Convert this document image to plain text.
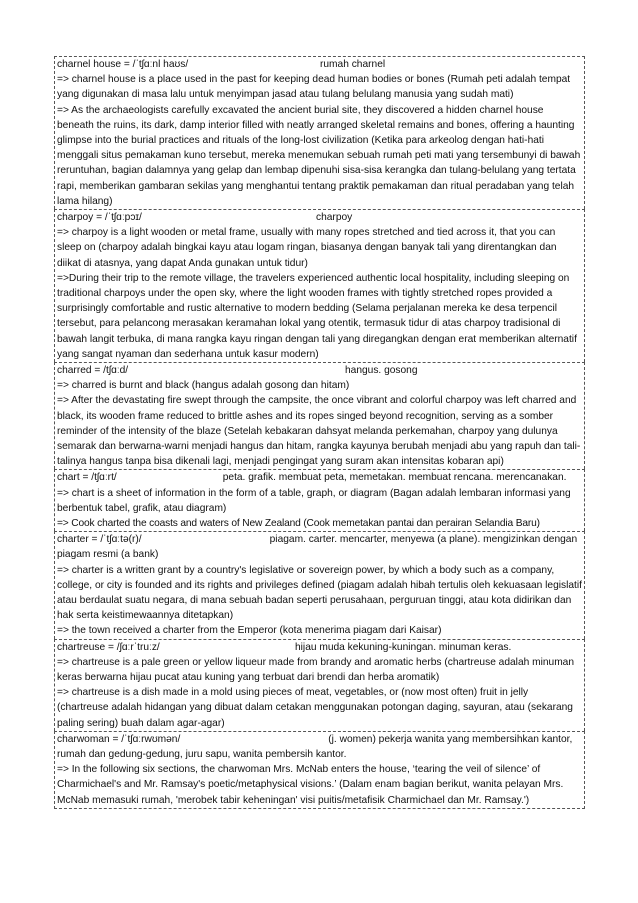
charnel house = /ˈtʃɑːnl haʊs/	rumah charnel

=> charnel house is a place used in the past for keeping dead human bodies or bones (Rumah peti adalah tempat yang digunakan di masa lalu untuk menyimpan jasad atau tulang belulang manusia yang sudah mati)

=> As the archaeologists carefully excavated the ancient burial site, they discovered a hidden charnel house beneath the ruins, its dark, damp interior filled with neatly arranged skeletal remains and bones, offering a haunting glimpse into the burial practices and rituals of the long-lost civilization (Ketika para arkeolog dengan hati-hati menggali situs pemakaman kuno tersebut, mereka menemukan sebuah rumah peti mati yang tersembunyi di bawah reruntuhan, bagian dalamnya yang gelap dan lembap dipenuhi sisa-sisa kerangka dan tulang-belulang yang tertata rapi, memberikan gambaran sekilas yang menghantui tentang praktik pemakaman dan ritual peradaban yang telah lama hilang)

charpoy = /ˈtʃɑːpɔɪ/	charpoy

=> charpoy is a light wooden or metal frame, usually with many ropes stretched and tied across it, that you can sleep on (charpoy adalah bingkai kayu atau logam ringan, biasanya dengan banyak tali yang direntangkan dan diikat di atasnya, yang dapat Anda gunakan untuk tidur)

=>During their trip to the remote village, the travelers experienced authentic local hospitality, including sleeping on traditional charpoys under the open sky, where the light wooden frames with tightly stretched ropes provided a surprisingly comfortable and rustic alternative to modern bedding (Selama perjalanan mereka ke desa terpencil tersebut, para pelancong merasakan keramahan lokal yang otentik, termasuk tidur di atas charpoy tradisional di bawah langit terbuka, di mana rangka kayu ringan dengan tali yang diregangkan dengan erat memberikan alternatif yang sangat nyaman dan sederhana untuk kasur modern)

charred = /tʃɑːd/	hangus. gosong

=> charred is burnt and black (hangus adalah gosong dan hitam)

=> After the devastating fire swept through the campsite, the once vibrant and colorful charpoy was left charred and black, its wooden frame reduced to brittle ashes and its ropes singed beyond recognition, serving as a somber reminder of the intensity of the blaze (Setelah kebakaran dahsyat melanda perkemahan, charpoy yang dulunya semarak dan berwarna-warni menjadi hangus dan hitam, rangka kayunya berubah menjadi abu yang rapuh dan tali-talinya hangus tanpa bisa dikenali lagi, menjadi pengingat yang suram akan intensitas kobaran api)

chart = /tʃɑːrt/	peta. grafik. membuat peta, memetakan. membuat rencana. merencanakan.

=> chart is a sheet of information in the form of a table, graph, or diagram (Bagan adalah lembaran informasi yang berbentuk tabel, grafik, atau diagram)

=> Cook charted the coasts and waters of New Zealand (Cook memetakan pantai dan perairan Selandia Baru)

charter = /ˈtʃɑːtə(r)/	piagam. carter. mencarter, menyewa (a plane). mengizinkan dengan piagam resmi (a bank)

=> charter is a written grant by a country's legislative or sovereign power, by which a body such as a company, college, or city is founded and its rights and privileges defined (piagam adalah hibah tertulis oleh kekuasaan legislatif atau berdaulat suatu negara, di mana sebuah badan seperti perusahaan, perguruan tinggi, atau kota didirikan dan hak serta keistimewaannya ditetapkan)

=> the town received a charter from the Emperor (kota menerima piagam dari Kaisar)

chartreuse = /ʃɑːrˈtruːz/	hijau muda kekuning-kuningan. minuman keras.

=> chartreuse is a pale green or yellow liqueur made from brandy and aromatic herbs (chartreuse adalah minuman keras berwarna hijau pucat atau kuning yang terbuat dari brendi dan herba aromatik)

=> chartreuse is a dish made in a mold using pieces of meat, vegetables, or (now most often) fruit in jelly (chartreuse adalah hidangan yang dibuat dalam cetakan menggunakan potongan daging, sayuran, atau (sekarang paling sering) buah dalam agar-agar)

charwoman = /ˈtʃɑːrwʊmən/	(j. women) pekerja wanita yang membersihkan kantor, rumah dan gedung-gedung, juru sapu, wanita pembersih kantor.

=> In the following six sections, the charwoman Mrs. McNab enters the house, ‘tearing the veil of silence’ of Charmichael's and Mr. Ramsay's poetic/metaphysical visions.’ (Dalam enam bagian berikut, wanita pelayan Mrs. McNab memasuki rumah, 'merobek tabir keheningan' visi puitis/metafisik Charmichael dan Mr. Ramsay.')
